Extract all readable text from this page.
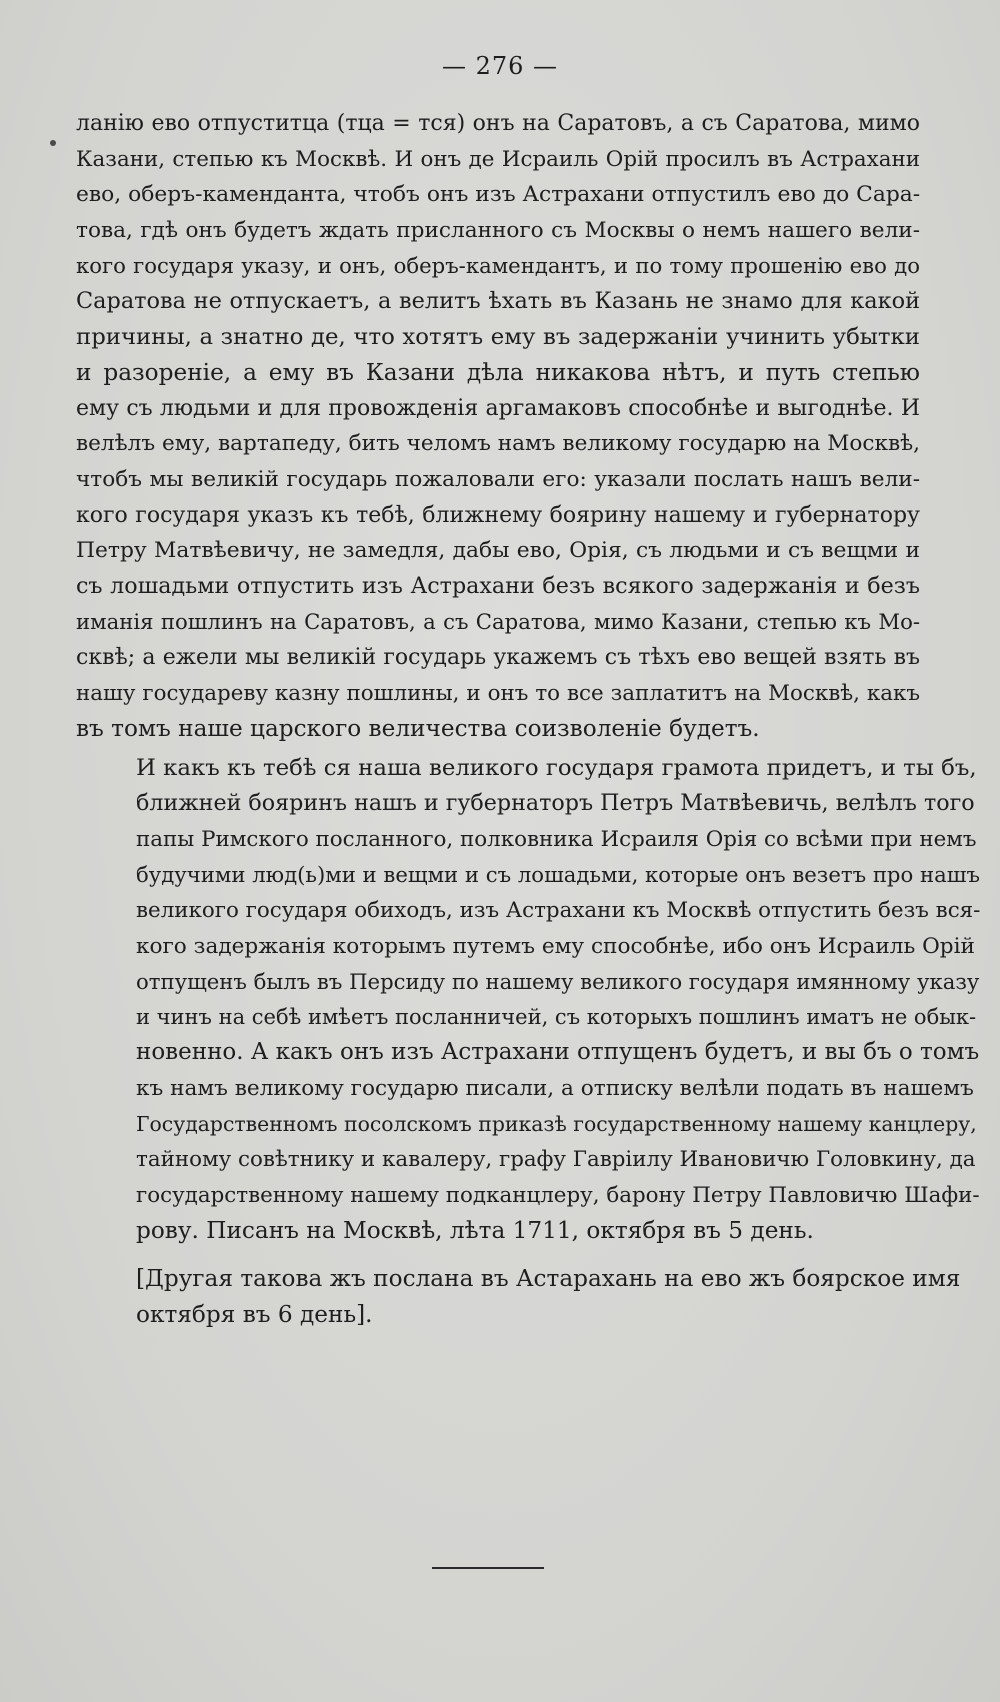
— 276 —
ланію ево отпуститца (тца = тся) онъ на Саратовъ, а съ Саратова, мимо
Казани, степью къ Москвѣ. И онъ де Исраиль Орій просилъ въ Астрахани
ево, оберъ-камендантa, чтобъ онъ изъ Астрахани отпустилъ ево до Сара-
това, гдѣ онъ будетъ ждать присланного съ Москвы о немъ нашего вели-
кого государя указу, и онъ, оберъ-камендантъ, и по тому прошенію ево до
Саратова не отпускаетъ, а велитъ ѣхать въ Казань не знамо для какой
причины, а знатно де, что хотятъ ему въ задержаніи учинить убытки
и разореніе, а ему въ Казани дѣла никакова нѣтъ, и путь степью
ему съ людьми и для провожденія аргамаковъ способнѣе и выгоднѣе. И
велѣлъ ему, вартапеду, бить челомъ намъ великому государю на Москвѣ,
чтобъ мы великій государь пожаловали его: указали послать нашъ вели-
кого государя указъ къ тебѣ, ближнему боярину нашему и губернатору
Петру Матвѣевичу, не замедля, дабы ево, Орія, съ людьми и съ вещми и
съ лошадьми отпустить изъ Астрахани безъ всякого задержанія и безъ
иманія пошлинъ на Саратовъ, а съ Саратова, мимо Казани, степью къ Мо-
сквѣ; а ежели мы великій государь укажемъ съ тѣхъ ево вещей взять въ
нашу государеву казну пошлины, и онъ то все заплатитъ на Москвѣ, какъ
въ томъ наше царского величества соизволеніе будетъ.
И какъ къ тебѣ ся наша великого государя грамота придетъ, и ты бъ,
ближней бояринъ нашъ и губернаторъ Петръ Матвѣевичь, велѣлъ того
папы Римского посланного, полковника Исраиля Орія со всѣми при немъ
будучими люд(ь)ми и вещми и съ лошадьми, которые онъ везетъ про нашъ
великого государя обиходъ, изъ Астрахани къ Москвѣ отпустить безъ вся-
кого задержанія которымъ путемъ ему способнѣе, ибо онъ Исраиль Орій
отпущенъ былъ въ Персиду по нашему великого государя имянному указу
и чинъ на себѣ имѣетъ посланничей, съ которыхъ пошлинъ иматъ не обык-
новенно. А какъ онъ изъ Астрахани отпущенъ будетъ, и вы бъ о томъ
къ намъ великому государю писали, а отписку велѣли подать въ нашемъ
Государственномъ посолскомъ приказѣ государственному нашему канцлеру,
тайному совѣтнику и кавалеру, графу Гавріилу Ивановичю Головкину, да
государственному нашему подканцлеру, барону Петру Павловичю Шафи-
рову. Писанъ на Москвѣ, лѣта 1711, октября въ 5 день.
[Другая такова жъ послана въ Астарахань на ево жъ боярское имя
октября въ 6 день].
